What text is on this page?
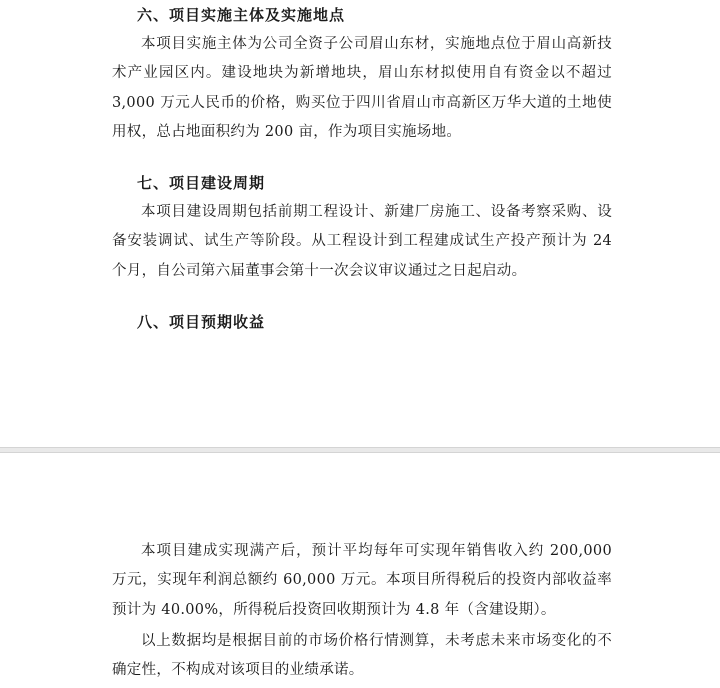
六、项目实施主体及实施地点

本项目实施主体为公司全资子公司眉山东材，实施地点位于眉山高新技术产业园区内。建设地块为新增地块，眉山东材拟使用自有资金以不超过 3,000 万元人民币的价格，购买位于四川省眉山市高新区万华大道的土地使用权，总占地面积约为 200 亩，作为项目实施场地。

七、项目建设周期

本项目建设周期包括前期工程设计、新建厂房施工、设备考察采购、设备安装调试、试生产等阶段。从工程设计到工程建成试生产投产预计为 24 个月，自公司第六届董事会第十一次会议审议通过之日起启动。

八、项目预期收益

本项目建成实现满产后，预计平均每年可实现年销售收入约 200,000 万元，实现年利润总额约 60,000 万元。本项目所得税后的投资内部收益率预计为 40.00%，所得税后投资回收期预计为 4.8 年（含建设期）。

以上数据均是根据目前的市场价格行情测算，未考虑未来市场变化的不确定性，不构成对该项目的业绩承诺。
